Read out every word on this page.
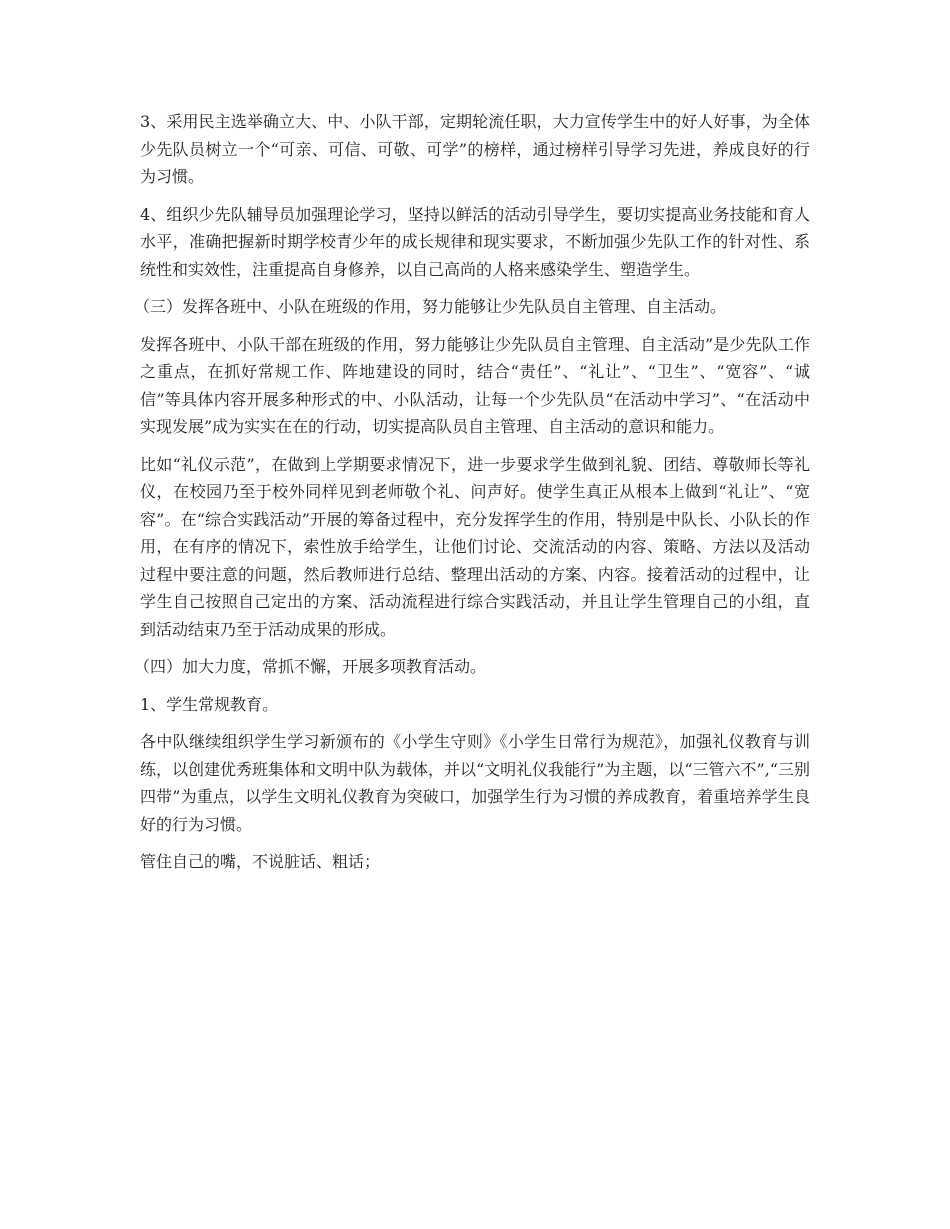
3、采用民主选举确立大、中、小队干部，定期轮流任职，大力宣传学生中的好人好事，为全体少先队员树立一个“可亲、可信、可敬、可学”的榜样，通过榜样引导学习先进，养成良好的行为习惯。

4、组织少先队辅导员加强理论学习，坚持以鲜活的活动引导学生，要切实提高业务技能和育人水平，准确把握新时期学校青少年的成长规律和现实要求，不断加强少先队工作的针对性、系统性和实效性，注重提高自身修养，以自己高尚的人格来感染学生、塑造学生。

（三）发挥各班中、小队在班级的作用，努力能够让少先队员自主管理、自主活动。

发挥各班中、小队干部在班级的作用，努力能够让少先队员自主管理、自主活动”是少先队工作之重点，在抓好常规工作、阵地建设的同时，结合“责任”、“礼让”、“卫生”、“宽容”、“诚信”等具体内容开展多种形式的中、小队活动，让每一个少先队员“在活动中学习”、“在活动中实现发展”成为实实在在的行动，切实提高队员自主管理、自主活动的意识和能力。

比如“礼仪示范”，在做到上学期要求情况下，进一步要求学生做到礼貌、团结、尊敬师长等礼仪，在校园乃至于校外同样见到老师敬个礼、问声好。使学生真正从根本上做到“礼让”、“宽容”。在“综合实践活动”开展的筹备过程中，充分发挥学生的作用，特别是中队长、小队长的作用，在有序的情况下，索性放手给学生，让他们讨论、交流活动的内容、策略、方法以及活动过程中要注意的问题，然后教师进行总结、整理出活动的方案、内容。接着活动的过程中，让学生自己按照自己定出的方案、活动流程进行综合实践活动，并且让学生管理自己的小组，直到活动结束乃至于活动成果的形成。

（四）加大力度，常抓不懈，开展多项教育活动。

1、学生常规教育。

各中队继续组织学生学习新颁布的《小学生守则》《小学生日常行为规范》，加强礼仪教育与训练，以创建优秀班集体和文明中队为载体，并以“文明礼仪我能行”为主题，以“三管六不”,“三别四带”为重点，以学生文明礼仪教育为突破口，加强学生行为习惯的养成教育，着重培养学生良好的行为习惯。

管住自己的嘴，不说脏话、粗话；
